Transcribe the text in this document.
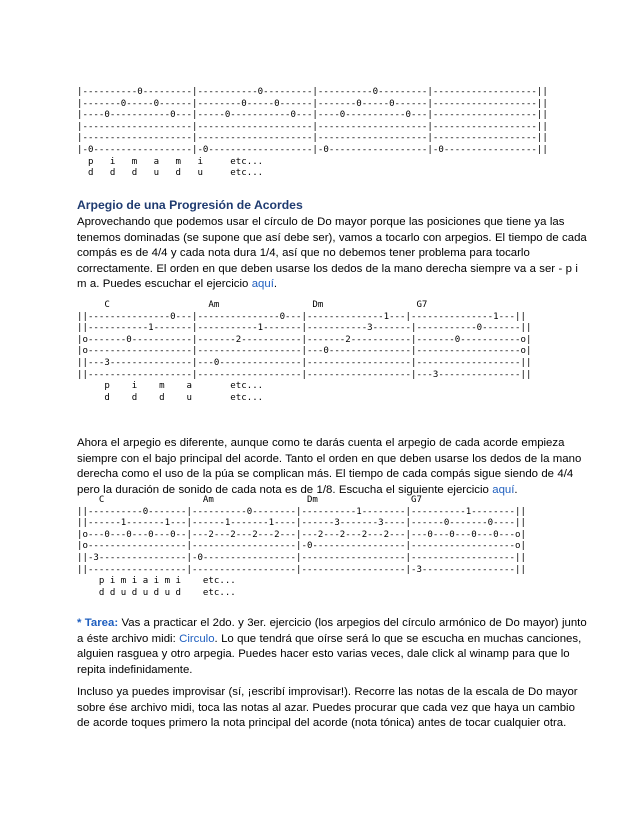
|----------0---------|-----------0---------|----------0---------|-------------------||
|-------0-----0------|--------0-----0------|-------0-----0------|-------------------||
|----0-----------0---|-----0-----------0---|----0-----------0---|-------------------||
|--------------------|---------------------|--------------------|-------------------||
|--------------------|---------------------|--------------------|-------------------||
|-0------------------|-0-------------------|-0------------------|-0-----------------||
p   i   m   a   m   i     etc...
d   d   d   u   d   u     etc...
Arpegio de una Progresión de Acordes

Aprovechando que podemos usar el círculo de Do mayor porque las posiciones que tiene ya las tenemos dominadas (se supone que así debe ser), vamos a tocarlo con arpegios. El tiempo de cada compás es de 4/4 y cada nota dura 1/4, así que no debemos tener problema para tocarlo correctamente. El orden en que deben usarse los dedos de la mano derecha siempre va a ser - p i m a. Puedes escuchar el ejercicio aquí.

C                  Am                 Dm                 G7
||---------------0---|---------------0---|--------------1---|---------------1---||
||-----------1-------|-----------1-------|-----------3-------|-----------0-------||
|o-------0-----------|-------2-----------|-------2-----------|-------0-----------o|
|o-------------------|-------------------|---0---------------|-------------------o|
||---3---------------|---0---------------|-------------------|-------------------||
||-------------------|-------------------|-------------------|---3---------------||
p    i    m    a       etc...
d    d    d    u       etc...

Ahora el arpegio es diferente, aunque como te darás cuenta el arpegio de cada acorde empieza siempre con el bajo principal del acorde. Tanto el orden en que deben usarse los dedos de la mano derecha como el uso de la púa se complican más. El tiempo de cada compás sigue siendo de 4/4 pero la duración de sonido de cada nota es de 1/8. Escucha el siguiente ejercicio aquí.

C                  Am                 Dm                 G7
||----------0-------|----------0--------|----------1--------|----------1--------||
||------1-------1---|------1-------1----|------3-------3----|------0-------0----||
|o---0---0---0---0--|---2---2---2---2---|---2---2---2---2---|---0---0---0---0---o|
|o------------------|-------------------|-0-----------------|-------------------o|
||-3----------------|-0-----------------|-------------------|-------------------||
||------------------|-------------------|-------------------|-3-----------------||
p i m i a i m i    etc...
d d u d u d u d    etc...

* Tarea: Vas a practicar el 2do. y 3er. ejercicio (los arpegios del círculo armónico de Do mayor) junto a éste archivo midi: Circulo. Lo que tendrá que oírse será lo que se escucha en muchas canciones, alguien rasguea y otro arpegia. Puedes hacer esto varias veces, dale click al winamp para que lo repita indefinidamente.

Incluso ya puedes improvisar (sí, ¡escribí improvisar!). Recorre las notas de la escala de Do mayor sobre ése archivo midi, toca las notas al azar. Puedes procurar que cada vez que haya un cambio de acorde toques primero la nota principal del acorde (nota tónica) antes de tocar cualquier otra.
